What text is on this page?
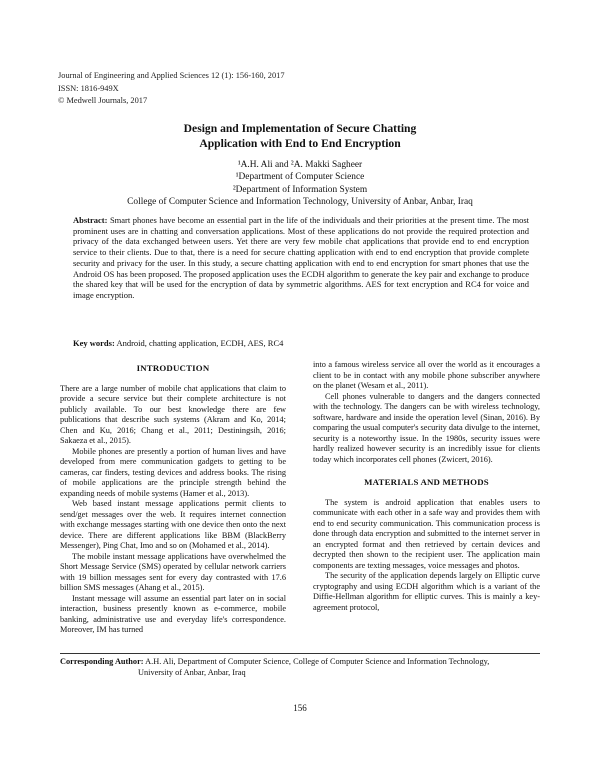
Journal of Engineering and Applied Sciences 12 (1): 156-160, 2017
ISSN: 1816-949X
© Medwell Journals, 2017
Design and Implementation of Secure Chatting
Application with End to End Encryption
¹A.H. Ali and ²A. Makki Sagheer
¹Department of Computer Science
²Department of Information System
College of Computer Science and Information Technology, University of Anbar, Anbar, Iraq
Abstract: Smart phones have become an essential part in the life of the individuals and their priorities at the present time. The most prominent uses are in chatting and conversation applications. Most of these applications do not provide the required protection and privacy of the data exchanged between users. Yet there are very few mobile chat applications that provide end to end encryption service to their clients. Due to that, there is a need for secure chatting application with end to end encryption that provide complete security and privacy for the user. In this study, a secure chatting application with end to end encryption for smart phones that use the Android OS has been proposed. The proposed application uses the ECDH algorithm to generate the key pair and exchange to produce the shared key that will be used for the encryption of data by symmetric algorithms. AES for text encryption and RC4 for voice and image encryption.
Key words: Android, chatting application, ECDH, AES, RC4
INTRODUCTION

There are a large number of mobile chat applications that claim to provide a secure service but their complete architecture is not publicly available. To our best knowledge there are few publications that describe such systems (Akram and Ko, 2014; Chen and Ku, 2016; Chang et al., 2011; Destiningsih, 2016; Sakaeza et al., 2015).

Mobile phones are presently a portion of human lives and have developed from mere communication gadgets to getting to be cameras, car finders, testing devices and address books. The rising of mobile applications are the principle strength behind the expanding needs of mobile systems (Hamer et al., 2013).

Web based instant message applications permit clients to send/get messages over the web. It requires internet connection with exchange messages starting with one device then onto the next device. There are different applications like BBM (BlackBerry Messenger), Ping Chat, Imo and so on (Mohamed et al., 2014).

The mobile instant message applications have overwhelmed the Short Message Service (SMS) operated by cellular network carriers with 19 billion messages sent for every day contrasted with 17.6 billion SMS messages (Ahang et al., 2015).

Instant message will assume an essential part later on in social interaction, business presently known as e-commerce, mobile banking, administrative use and everyday life's correspondence. Moreover, IM has turned

into a famous wireless service all over the world as it encourages a client to be in contact with any mobile phone subscriber anywhere on the planet (Wesam et al., 2011).

Cell phones vulnerable to dangers and the dangers connected with the technology. The dangers can be with wireless technology, software, hardware and inside the operation level (Sinan, 2016). By comparing the usual computer's security data divulge to the internet, security is a noteworthy issue. In the 1980s, security issues were hardly realized however security is an incredibly issue for clients today which incorporates cell phones (Zwicert, 2016).

MATERIALS AND METHODS

The system is android application that enables users to communicate with each other in a safe way and provides them with end to end security communication. This communication process is done through data encryption and submitted to the internet server in an encrypted format and then retrieved by certain devices and decrypted then shown to the recipient user. The application main components are texting messages, voice messages and photos.

The security of the application depends largely on Elliptic curve cryptography and using ECDH algorithm which is a variant of the Diffie-Hellman algorithm for elliptic curves. This is mainly a key-agreement protocol,

Corresponding Author: A.H. Ali, Department of Computer Science, College of Computer Science and Information Technology,
University of Anbar, Anbar, Iraq
156
